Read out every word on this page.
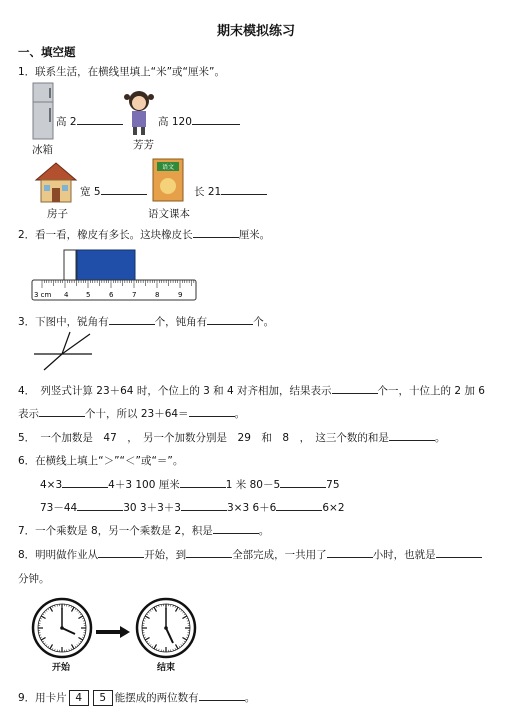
期末模拟练习
一、填空题
1．联系生活，在横线里填上“米”或“厘米”。
高 2
冰箱
高 120
芳芳
宽 5
房子
语文
长 21
语文课本
2．看一看，橡皮有多长。这块橡皮长	厘米。
3 cm 4	5	6	7	8	9
3．下图中，锐角有	个，钝角有	个。
4．　列竖式计算 23＋64 时，个位上的 3 和 4 对齐相加，结果表示	个一，十位上的 2 加 6
表示	个十，所以 23＋64＝	。
5．　一个加数是　47　，　另一个加数分别是　29　和　8　，　这三个数的和是	。
6．在横线上填上“＞”“＜”或“＝”。
4×3	4＋3 100 厘米	1 米 80－5	75
73－44	30 3＋3＋3	3×3 6＋6	6×2
7．一个乘数是 8，另一个乘数是 2，积是	。
8．明明做作业从	开始，到	全部完成，一共用了	小时，也就是
分钟。
开始	结束
9．用卡片 4 5 能摆成的两位数有	。
